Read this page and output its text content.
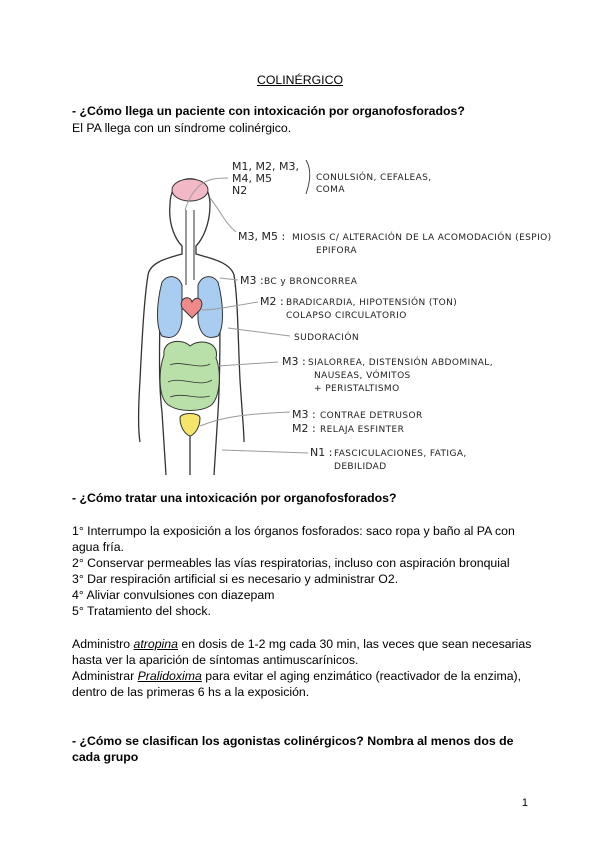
COLINÉRGICO
- ¿Cómo llega un paciente con intoxicación por organofosforados?
El PA llega con un síndrome colinérgico.
M1, M2, M3,
M4, M5
N2
CONULSIÓN, CEFALEAS,
COMA
M3, M5 : MIOSIS C/ ALTERACIÓN DE LA ACOMODACIÓN (ESPIO)
EPIFORA
M3 : BC y BRONCORREA
M2 : BRADICARDIA, HIPOTENSIÓN (TON)
COLAPSO CIRCULATORIO
SUDORACIÓN
M3 : SIALORREA, DISTENSIÓN ABDOMINAL,
NAUSEAS, VÓMITOS
+ PERISTALTISMO
M3 : CONTRAE DETRUSOR
M2 : RELAJA ESFINTER
N1 : FASCICULACIONES, FATIGA,
DEBILIDAD
- ¿Cómo tratar una intoxicación por organofosforados?
1° Interrumpo la exposición a los órganos fosforados: saco ropa y baño al PA con
agua fría.
2° Conservar permeables las vías respiratorias, incluso con aspiración bronquial
3° Dar respiración artificial si es necesario y administrar O2.
4° Aliviar convulsiones con diazepam
5° Tratamiento del shock.
Administro atropina en dosis de 1-2 mg cada 30 min, las veces que sean necesarias
hasta ver la aparición de síntomas antimuscarínicos.
Administrar Pralidoxima para evitar el aging enzimático (reactivador de la enzima),
dentro de las primeras 6 hs a la exposición.
- ¿Cómo se clasifican los agonistas colinérgicos? Nombra al menos dos de
cada grupo
1
